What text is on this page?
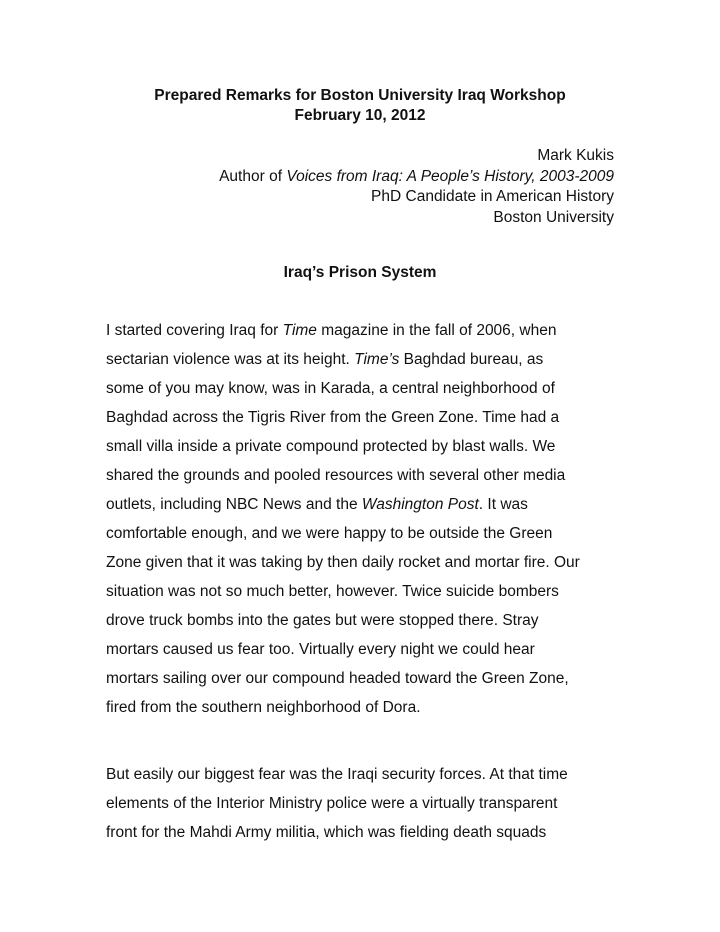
Prepared Remarks for Boston University Iraq Workshop
February 10, 2012
Mark Kukis
Author of Voices from Iraq: A People’s History, 2003-2009
PhD Candidate in American History
Boston University
Iraq’s Prison System
I started covering Iraq for Time magazine in the fall of 2006, when
sectarian violence was at its height. Time’s Baghdad bureau, as
some of you may know, was in Karada, a central neighborhood of
Baghdad across the Tigris River from the Green Zone. Time had a
small villa inside a private compound protected by blast walls. We
shared the grounds and pooled resources with several other media
outlets, including NBC News and the Washington Post. It was
comfortable enough, and we were happy to be outside the Green
Zone given that it was taking by then daily rocket and mortar fire. Our
situation was not so much better, however. Twice suicide bombers
drove truck bombs into the gates but were stopped there. Stray
mortars caused us fear too. Virtually every night we could hear
mortars sailing over our compound headed toward the Green Zone,
fired from the southern neighborhood of Dora.
But easily our biggest fear was the Iraqi security forces. At that time
elements of the Interior Ministry police were a virtually transparent
front for the Mahdi Army militia, which was fielding death squads
